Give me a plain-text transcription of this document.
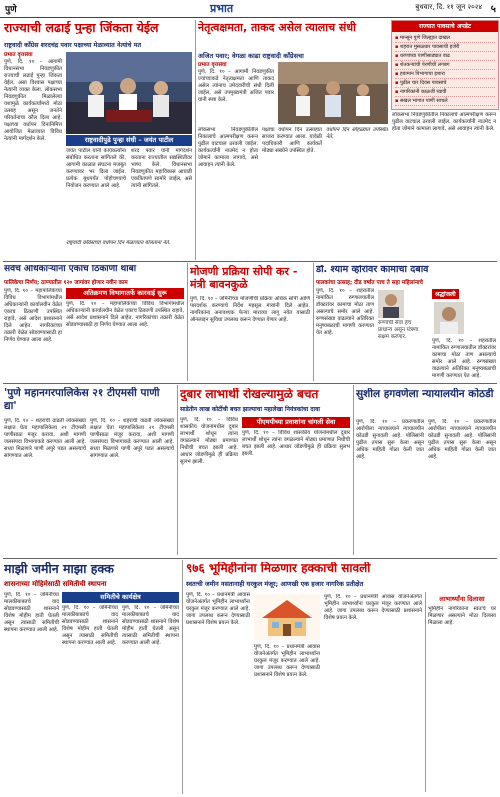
पुणे	प्रभात	बुधवार, दि. ११ जून २०२४ ५
राज्याची लढाई पुन्हा जिंकता येईल
राष्ट्रवादी काँग्रेस शरदचंद्र पवार पक्षाच्या मेळाव्यात नेत्यांचे मत
प्रभात वृत्तसेवा
पुणे, दि. १० – आगामी विधानसभा निवडणुकीत राज्याची लढाई पुन्हा जिंकता येईल, असा विश्वास पक्षाच्या नेत्यांनी व्यक्त केला. लोकसभा निवडणुकीत मिळालेल्या यशामुळे कार्यकर्त्यांमध्ये मोठा उत्साह असून जनतेने परिवर्तनाचा कौल दिला आहे. पक्षाच्या वर्धापन दिनानिमित्त आयोजित मेळाव्यात विविध नेत्यांनी मार्गदर्शन केले.	राष्ट्रवादीपुढे पुन्हा संधी – जयंत पाटील
जयंत पाटील यांनी कार्यकर्त्यांना संबोधित करताना सांगितले की, आगामी काळात संघटना मजबूत करण्यावर भर दिला जाईल. प्रत्येक बूथपर्यंत पोहोचण्याचे नियोजन करण्यात आले आहे.
शरद पवार यांनी मार्गदर्शन करताना राज्यातील सद्यस्थितीवर भाष्य केले. विधानसभा निवडणुकीत महाविकास आघाडी एकत्रितपणे सामोरे जाईल, असे त्यांनी सांगितले.
राष्ट्रवादी काँग्रेसच्या वर्धापन दिन मेळाव्यात बोलताना नेते.
नेतृत्वक्षमता, ताकद असेल त्यालाच संधी
अजित पवार; वेगळा काढा राष्ट्रवादी काँग्रेसचा
प्रभात वृत्तसेवा
पुणे, दि. १० – आगामी निवडणुकीत ज्यांच्याकडे नेतृत्वक्षमता आणि ताकद असेल त्यांनाच उमेदवारीची संधी दिली जाईल, असे उपमुख्यमंत्री अजित पवार यांनी स्पष्ट केले.
लोकसभा निवडणुकीतील निकालाचे आत्मपरीक्षण करून पुढील वाटचाल ठरवली जाईल. कार्यकर्त्यांनी नाउमेद न होता जोमाने कामाला लागावे, असे आवाहन त्यांनी केले.
पक्षाचा वर्धापन दिन उत्साहात साजरा करण्यात आला. यावेळी पदाधिकारी आणि कार्यकर्ते मोठ्या संख्येने उपस्थित होते.
वर्धापन दिन सोहळ्यात उपस्थित नेते.
राज्यात पावसाचे अपडेट
▪ मान्सून पुणे जिल्ह्यात दाखल
▪ शहरात मुसळधार पावसाची हजेरी
▪ धरणांच्या पाणीसाठ्यात वाढ
▪ शेतकऱ्यांची पेरणीची लगबग
▪ हवामान विभागाचा इशारा
▪ पुढील चार दिवस पावसाचे
▪ नागरिकांनी काळजी घ्यावी
▪ सखल भागात पाणी साचले
लोकसभा निवडणुकीतील निकालाचे आत्मपरीक्षण करून पुढील वाटचाल ठरवली जाईल. कार्यकर्त्यांनी नाउमेद न होता जोमाने कामाला लागावे, असे आवाहन त्यांनी केले.
सर्वच अधिकाऱ्यांना एकाच ठिकाणी थांबा
पालिकेचा निर्णय; ठाण्यातील १२० जागांवर होणार नवीन काम
पुणे, दि. १० – महापालिकेच्या विविध विभागांमधील अधिकाऱ्यांनी कार्यालयीन वेळेत एकाच ठिकाणी उपस्थित राहावे, असे आदेश प्रशासनाने दिले आहेत. नागरिकांच्या तक्रारी वेळेत सोडवण्यासाठी हा निर्णय घेण्यात आला आहे.
अतिक्रमण विभागातर्फे कारवाई सुरू
पुणे, दि. १० – महापालिकेच्या विविध विभागांमधील अधिकाऱ्यांनी कार्यालयीन वेळेत एकाच ठिकाणी उपस्थित राहावे, असे आदेश प्रशासनाने दिले आहेत. नागरिकांच्या तक्रारी वेळेत सोडवण्यासाठी हा निर्णय घेण्यात आला आहे.
मोजणी प्रक्रिया सोपी कर - मंत्री बावनकुळे
पुणे, दि. १० – जमिनीच्या मोजणीची प्रक्रिया अधिक सोपी आणि पारदर्शक करण्याचे निर्देश महसूल मंत्र्यांनी दिले आहेत. नागरिकांना अनावश्यक फेऱ्या माराव्या लागू नयेत यासाठी ऑनलाइन सुविधा उपलब्ध करून देण्यात येणार आहे.
डॉ. श्याम व्होरांवर कामाचा दबाव
पालकांचा उत्साह; दीड वर्षात पाच ते सहा महिलांनाचे
पुणे, दि. १० – शहरातील नामांकित रुग्णालयातील डॉक्टरांवर कामाचा मोठा ताण असल्याचे समोर आले आहे. रुग्णसंख्या वाढल्याने अतिरिक्त मनुष्यबळाची मागणी करण्यात येत आहे.
रुग्णांची सेवा हेच प्राधान्य असून यंत्रणा सक्षम करणार.
श्रद्धांजली
पुणे, दि. १० – शहरातील नामांकित रुग्णालयातील डॉक्टरांवर कामाचा मोठा ताण असल्याचे समोर आले आहे. रुग्णसंख्या वाढल्याने अतिरिक्त मनुष्यबळाची मागणी करण्यात येत आहे.
'पुणे महानगरपालिकेस २१ टीएमसी पाणी द्या'
पुणे, दि. १० – शहराची वाढती लोकसंख्या लक्षात घेता महापालिकेला २१ टीएमसी पाणीसाठा मंजूर करावा, अशी मागणी जलसंपदा विभागाकडे करण्यात आली आहे. सध्या मिळणारे पाणी अपुरे पडत असल्याचे सांगण्यात आले.
पुणे, दि. १० – शहराची वाढती लोकसंख्या लक्षात घेता महापालिकेला २१ टीएमसी पाणीसाठा मंजूर करावा, अशी मागणी जलसंपदा विभागाकडे करण्यात आली आहे. सध्या मिळणारे पाणी अपुरे पडत असल्याचे सांगण्यात आले.
दुबार लाभार्थी रोखल्यामुळे बचत
साडेतीन लाख कोटींची बचत झाल्याचा महालेखा नियंत्रकांचा दावा
पुणे, दि. १० – विविध शासकीय योजनांमधील दुबार लाभार्थी शोधून त्यांना वगळल्याने मोठ्या प्रमाणात निधीची बचत झाली आहे. आधार जोडणीमुळे ही प्रक्रिया सुलभ झाली.
पीएमपीच्या प्रवाशांना चांगली सेवा
पुणे, दि. १० – विविध शासकीय योजनांमधील दुबार लाभार्थी शोधून त्यांना वगळल्याने मोठ्या प्रमाणात निधीची बचत झाली आहे. आधार जोडणीमुळे ही प्रक्रिया सुलभ झाली.
सुशील हगवणेला न्यायालयीन कोठडी
पुणे, दि. १० – प्रकरणातील आरोपीला न्यायालयाने न्यायालयीन कोठडी सुनावली आहे. पोलिसांनी पुढील तपास सुरू केला असून अधिक माहिती गोळा केली जात आहे.
पुणे, दि. १० – प्रकरणातील आरोपीला न्यायालयाने न्यायालयीन कोठडी सुनावली आहे. पोलिसांनी पुढील तपास सुरू केला असून अधिक माहिती गोळा केली जात आहे.
माझी जमीन माझा हक्क
शासनाच्या मोहिमेसाठी समितीची स्थापना
पुणे, दि. १० – जमिनीच्या मालकीबाबतचे वाद सोडवण्यासाठी शासनाने विशेष मोहीम हाती घेतली असून त्यासाठी समितीची स्थापना करण्यात आली आहे.
समितीचे कार्यक्षेत्र
पुणे, दि. १० – जमिनीच्या मालकीबाबतचे वाद सोडवण्यासाठी शासनाने विशेष मोहीम हाती घेतली असून त्यासाठी समितीची स्थापना करण्यात आली आहे.
पुणे, दि. १० – जमिनीच्या मालकीबाबतचे वाद सोडवण्यासाठी शासनाने विशेष मोहीम हाती घेतली असून त्यासाठी समितीची स्थापना करण्यात आली आहे.
९७६ भूमिहीनांना मिळणार हक्काची सावली
स्वतःची जमीन नसतानाही घरकुल मंजूर; आणखी एक हजार नागरिक प्रतीक्षेत
पुणे, दि. १० – प्रधानमंत्री आवास योजनेअंतर्गत भूमिहीन लाभार्थ्यांना घरकुल मंजूर करण्यात आले आहे. जागा उपलब्ध करून देण्यासाठी प्रशासनाने विशेष प्रयत्न केले.
पुणे, दि. १० – प्रधानमंत्री आवास योजनेअंतर्गत भूमिहीन लाभार्थ्यांना घरकुल मंजूर करण्यात आले आहे. जागा उपलब्ध करून देण्यासाठी प्रशासनाने विशेष प्रयत्न केले.
पुणे, दि. १० – प्रधानमंत्री आवास योजनेअंतर्गत भूमिहीन लाभार्थ्यांना घरकुल मंजूर करण्यात आले आहे. जागा उपलब्ध करून देण्यासाठी प्रशासनाने विशेष प्रयत्न केले.
लाभार्थ्यांना दिलासा
भूमिहीन नागरिकांना स्वतःचे घर मिळणार असल्याने मोठा दिलासा मिळाला आहे.
